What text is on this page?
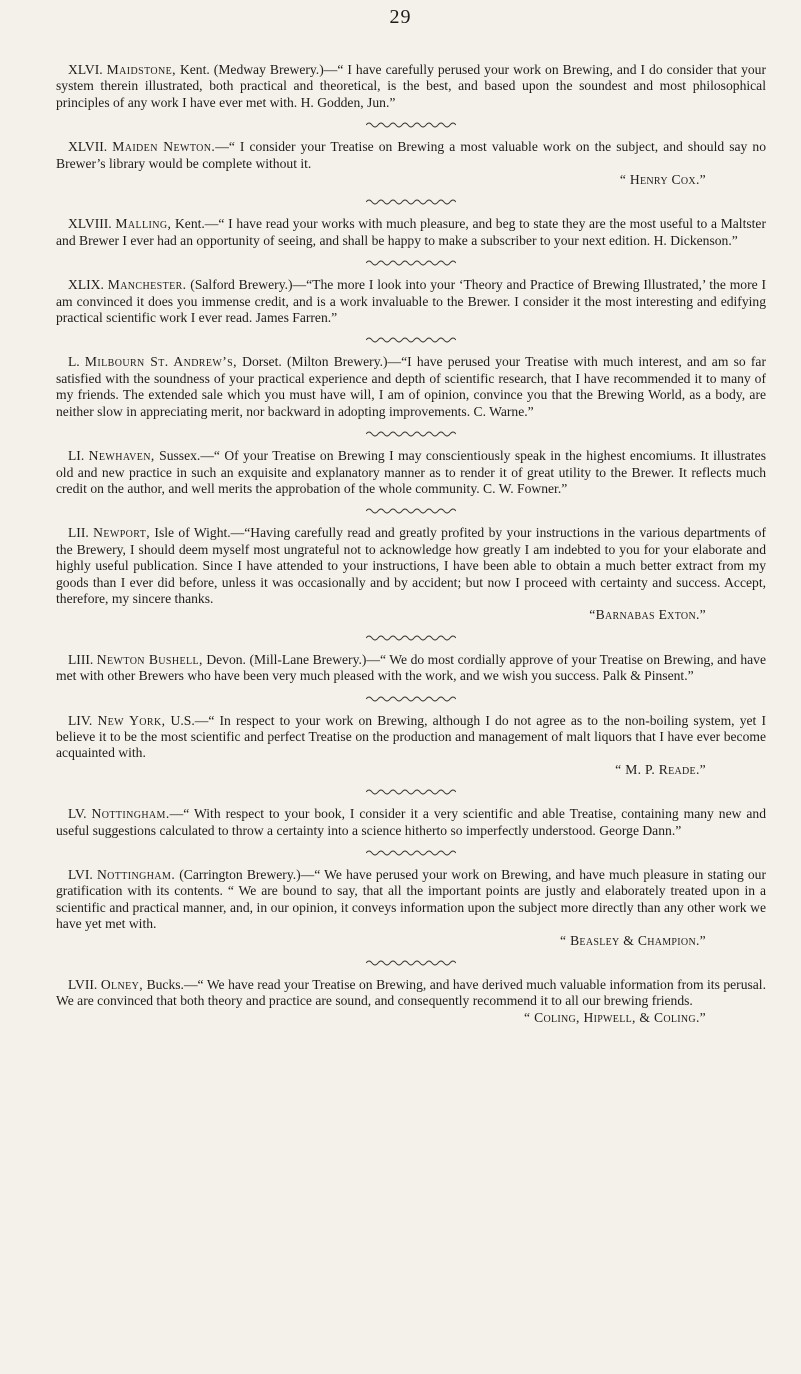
29

XLVI. Maidstone, Kent. (Medway Brewery.)—“ I have carefully perused your work on Brewing, and I do consider that your system therein illustrated, both practical and theoretical, is the best, and based upon the soundest and most philosophical principles of any work I have ever met with. H. Godden, Jun.”

XLVII. Maiden Newton.—“ I consider your Treatise on Brewing a most valuable work on the subject, and should say no Brewer’s library would be complete without it.
“ Henry Cox.”

XLVIII. Malling, Kent.—“ I have read your works with much pleasure, and beg to state they are the most useful to a Maltster and Brewer I ever had an opportunity of seeing, and shall be happy to make a subscriber to your next edition. H. Dickenson.”

XLIX. Manchester. (Salford Brewery.)—“The more I look into your ‘Theory and Practice of Brewing Illustrated,’ the more I am convinced it does you immense credit, and is a work invaluable to the Brewer. I consider it the most interesting and edifying practical scientific work I ever read. James Farren.”

L. Milbourn St. Andrew’s, Dorset. (Milton Brewery.)—“I have perused your Treatise with much interest, and am so far satisfied with the soundness of your practical experience and depth of scientific research, that I have recommended it to many of my friends. The extended sale which you must have will, I am of opinion, convince you that the Brewing World, as a body, are neither slow in appreciating merit, nor backward in adopting improvements. C. Warne.”

LI. Newhaven, Sussex.—“ Of your Treatise on Brewing I may conscientiously speak in the highest encomiums. It illustrates old and new practice in such an exquisite and explanatory manner as to render it of great utility to the Brewer. It reflects much credit on the author, and well merits the approbation of the whole community. C. W. Fowner.”

LII. Newport, Isle of Wight.—“Having carefully read and greatly profited by your instructions in the various departments of the Brewery, I should deem myself most ungrateful not to acknowledge how greatly I am indebted to you for your elaborate and highly useful publication. Since I have attended to your instructions, I have been able to obtain a much better extract from my goods than I ever did before, unless it was occasionally and by accident; but now I proceed with certainty and success. Accept, therefore, my sincere thanks.
“Barnabas Exton.”

LIII. Newton Bushell, Devon. (Mill-Lane Brewery.)—“ We do most cordially approve of your Treatise on Brewing, and have met with other Brewers who have been very much pleased with the work, and we wish you success. Palk & Pinsent.”

LIV. New York, U.S.—“ In respect to your work on Brewing, although I do not agree as to the non-boiling system, yet I believe it to be the most scientific and perfect Treatise on the production and management of malt liquors that I have ever become acquainted with.
“ M. P. Reade.”

LV. Nottingham.—“ With respect to your book, I consider it a very scientific and able Treatise, containing many new and useful suggestions calculated to throw a certainty into a science hitherto so imperfectly understood. George Dann.”

LVI. Nottingham. (Carrington Brewery.)—“ We have perused your work on Brewing, and have much pleasure in stating our gratification with its contents. “ We are bound to say, that all the important points are justly and elaborately treated upon in a scientific and practical manner, and, in our opinion, it conveys information upon the subject more directly than any other work we have yet met with.
“ Beasley & Champion.”

LVII. Olney, Bucks.—“ We have read your Treatise on Brewing, and have derived much valuable information from its perusal. We are convinced that both theory and practice are sound, and consequently recommend it to all our brewing friends.
“ Coling, Hipwell, & Coling.”
